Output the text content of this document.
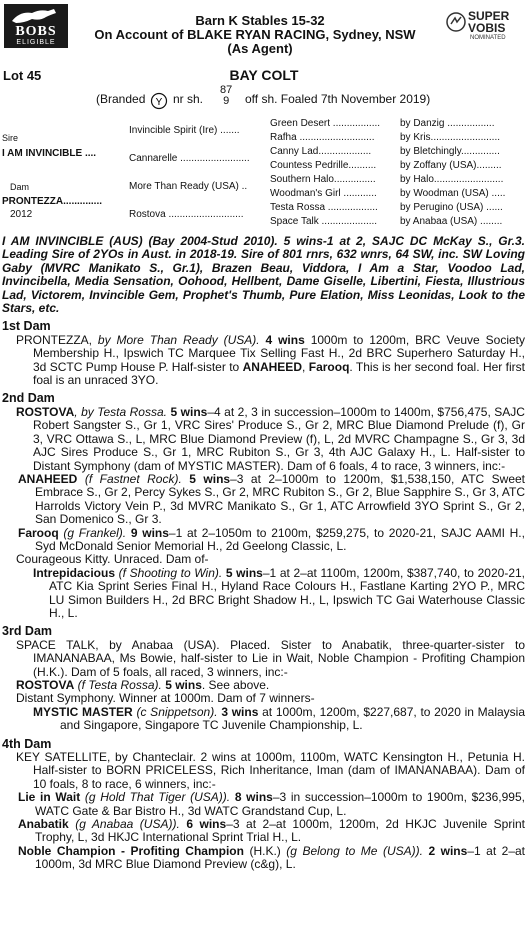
BOBS
ELIGIBLE
Barn K Stables 15-32
On Account of BLAKE RYAN RACING, Sydney, NSW
(As Agent)
SUPER
VOBIS
NOMINATED
Lot 45	BAY COLT
(Branded Y nr sh.
87
9 off sh. Foaled 7th November 2019)
Sire
I AM INVINCIBLE ....
Dam
PRONTEZZA..............
2012
Invincible Spirit (Ire) .......
Cannarelle .........................
More Than Ready (USA) ..
Rostova ...........................
Green Desert .................
Rafha ...........................
Canny Lad...................
Countess Pedrille..........
Southern Halo...............
Woodman's Girl ............
Testa Rossa ..................
Space Talk ....................
by Danzig .................
by Kris.........................
by Bletchingly..............
by Zoffany (USA).........
by Halo.........................
by Woodman (USA) .....
by Perugino (USA) ......
by Anabaa (USA) ........

I AM INVINCIBLE (AUS) (Bay 2004-Stud 2010). 5 wins-1 at 2, SAJC DC McKay S., Gr.3. Leading Sire of 2YOs in Aust. in 2018-19. Sire of 801 rnrs, 632 wnrs, 64 SW, inc. SW Loving Gaby (MVRC Manikato S., Gr.1), Brazen Beau, Viddora, I Am a Star, Voodoo Lad, Invincibella, Media Sensation, Oohood, Hellbent, Dame Giselle, Libertini, Fiesta, Illustrious Lad, Victorem, Invincible Gem, Prophet's Thumb, Pure Elation, Miss Leonidas, Look to the Stars, etc.

1st Dam

PRONTEZZA, by More Than Ready (USA). 4 wins 1000m to 1200m, BRC Veuve Society Membership H., Ipswich TC Marquee Tix Selling Fast H., 2d BRC Superhero Saturday H., 3d SCTC Pump House P. Half-sister to ANAHEED, Farooq. This is her second foal. Her first foal is an unraced 3YO.

2nd Dam

ROSTOVA, by Testa Rossa. 5 wins–4 at 2, 3 in succession–1000m to 1400m, $756,475, SAJC Robert Sangster S., Gr 1, VRC Sires' Produce S., Gr 2, MRC Blue Diamond Prelude (f), Gr 3, VRC Ottawa S., L, MRC Blue Diamond Preview (f), L, 2d MVRC Champagne S., Gr 3, 3d AJC Sires Produce S., Gr 1, MRC Rubiton S., Gr 3, 4th AJC Galaxy H., L. Half-sister to Distant Symphony (dam of MYSTIC MASTER). Dam of 6 foals, 4 to race, 3 winners, inc:-

ANAHEED (f Fastnet Rock). 5 wins–3 at 2–1000m to 1200m, $1,538,150, ATC Sweet Embrace S., Gr 2, Percy Sykes S., Gr 2, MRC Rubiton S., Gr 2, Blue Sapphire S., Gr 3, ATC Harrolds Victory Vein P., 3d MVRC Manikato S., Gr 1, ATC Arrowfield 3YO Sprint S., Gr 2, San Domenico S., Gr 3.

Farooq (g Frankel). 9 wins–1 at 2–1050m to 2100m, $259,275, to 2020-21, SAJC AAMI H., Syd McDonald Senior Memorial H., 2d Geelong Classic, L.

Courageous Kitty. Unraced. Dam of-

Intrepidacious (f Shooting to Win). 5 wins–1 at 2–at 1100m, 1200m, $387,740, to 2020-21, ATC Kia Sprint Series Final H., Hyland Race Colours H., Fastlane Karting 2YO P., MRC LU Simon Builders H., 2d BRC Bright Shadow H., L, Ipswich TC Gai Waterhouse Classic H., L.

3rd Dam

SPACE TALK, by Anabaa (USA). Placed. Sister to Anabatik, three-quarter-sister to IMANANABAA, Ms Bowie, half-sister to Lie in Wait, Noble Champion - Profiting Champion (H.K.). Dam of 5 foals, all raced, 3 winners, inc:-

ROSTOVA (f Testa Rossa). 5 wins. See above.

Distant Symphony. Winner at 1000m. Dam of 7 winners-

MYSTIC MASTER (c Snippetson). 3 wins at 1000m, 1200m, $227,687, to 2020 in Malaysia and Singapore, Singapore TC Juvenile Championship, L.

4th Dam

KEY SATELLITE, by Chanteclair. 2 wins at 1000m, 1100m, WATC Kensington H., Petunia H. Half-sister to BORN PRICELESS, Rich Inheritance, Iman (dam of IMANANABAA). Dam of 10 foals, 8 to race, 6 winners, inc:-

Lie in Wait (g Hold That Tiger (USA)). 8 wins–3 in succession–1000m to 1900m, $236,995, WATC Gate & Bar Bistro H., 3d WATC Grandstand Cup, L.

Anabatik (g Anabaa (USA)). 6 wins–3 at 2–at 1000m, 1200m, 2d HKJC Juvenile Sprint Trophy, L, 3d HKJC International Sprint Trial H., L.

Noble Champion - Profiting Champion (H.K.) (g Belong to Me (USA)). 2 wins–1 at 2–at 1000m, 3d MRC Blue Diamond Preview (c&g), L.
